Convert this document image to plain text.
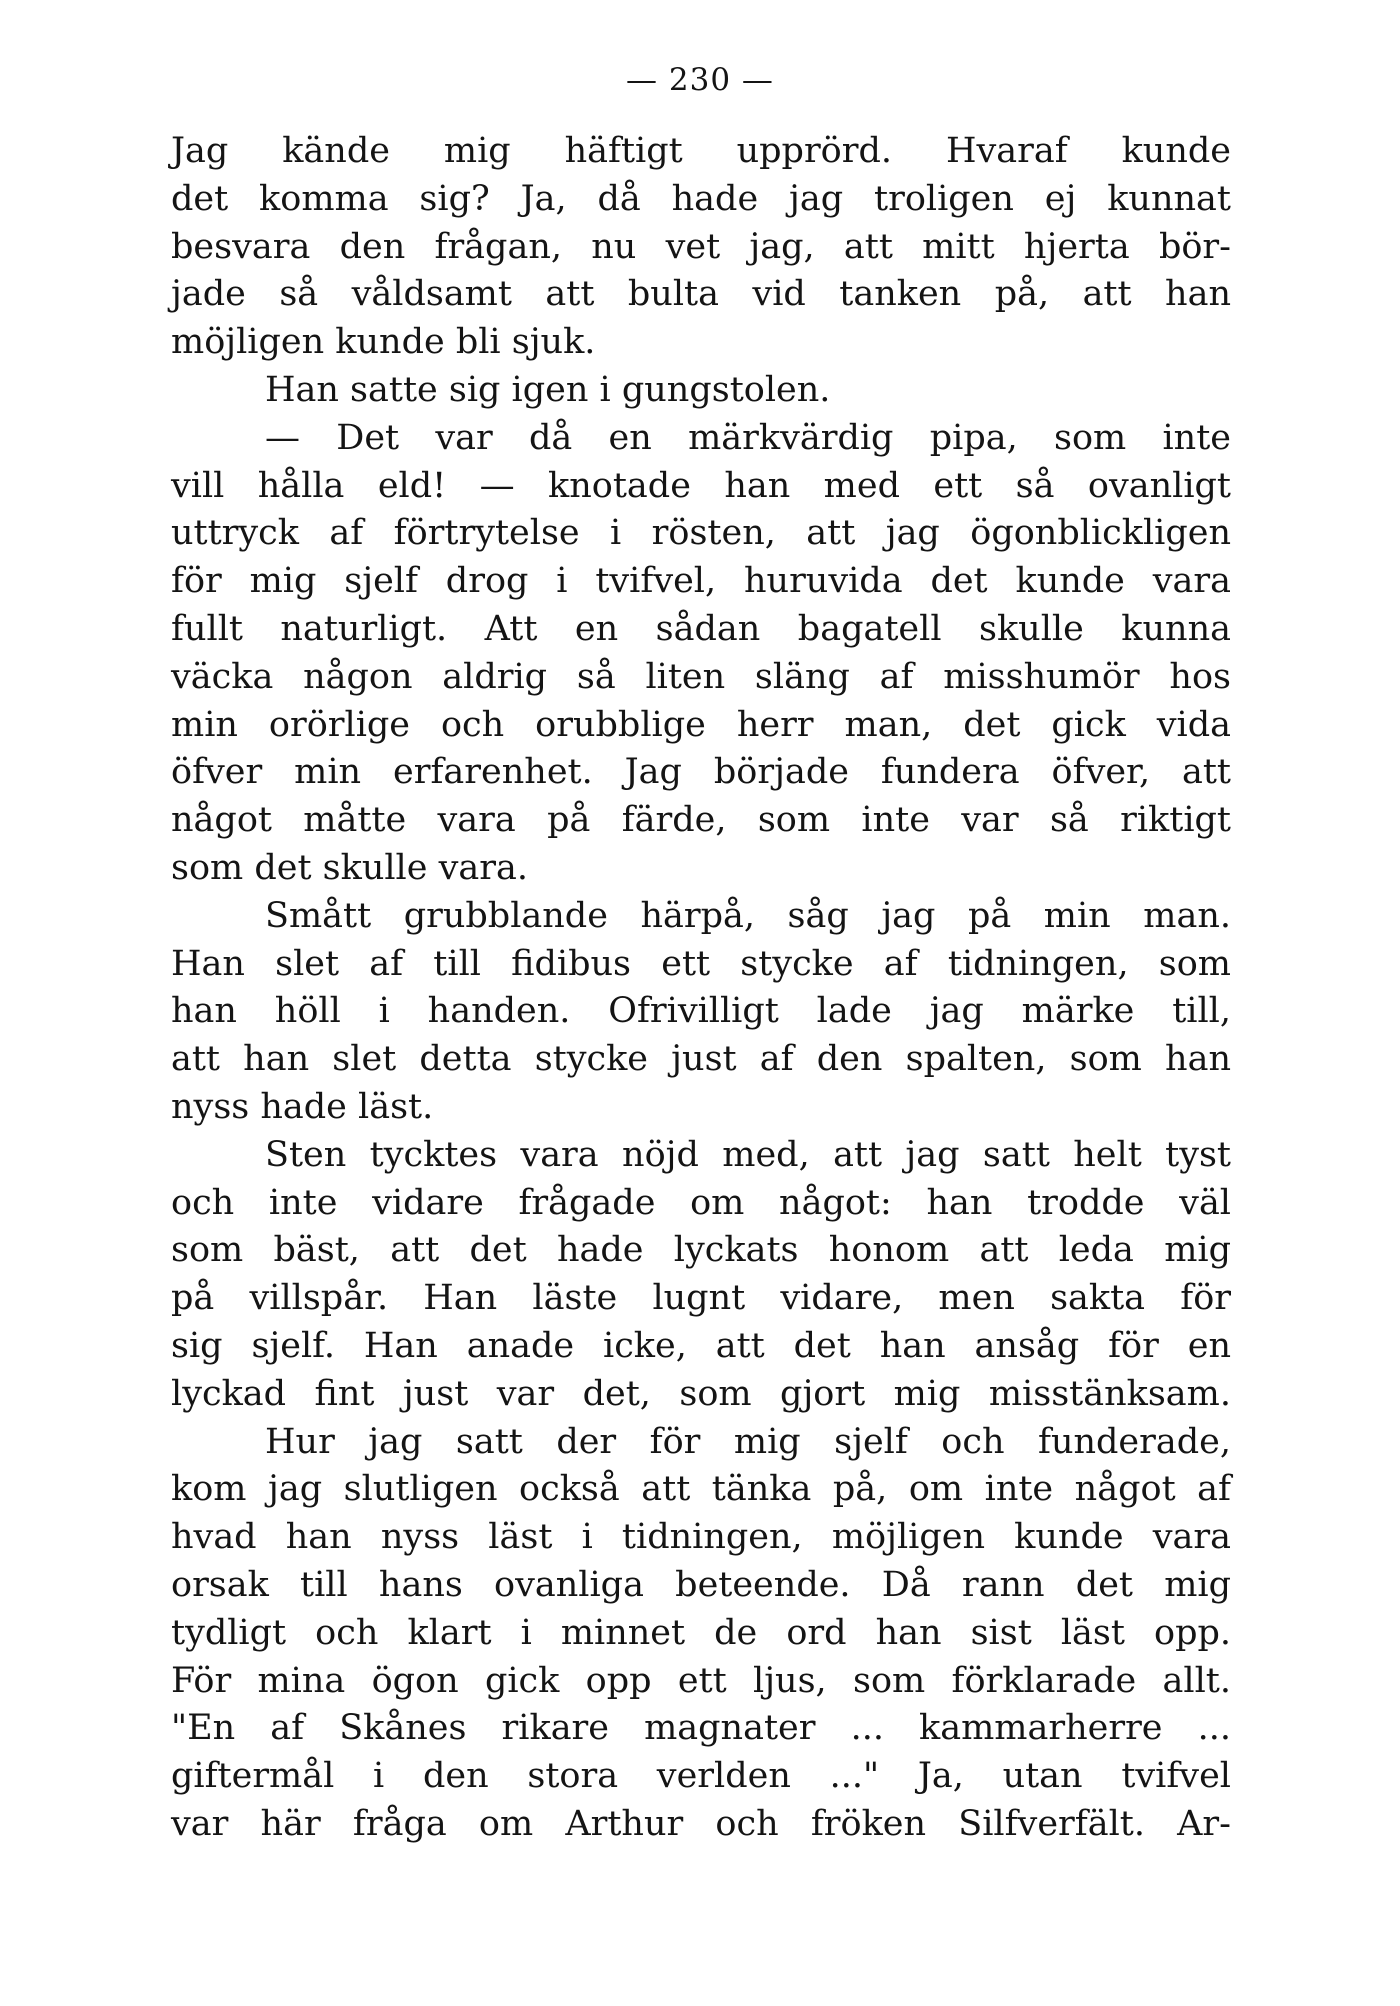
— 230 —
Jag kände mig häftigt upprörd. Hvaraf kunde
det komma sig? Ja, då hade jag troligen ej kunnat
besvara den frågan, nu vet jag, att mitt hjerta bör-
jade så våldsamt att bulta vid tanken på, att han
möjligen kunde bli sjuk.
Han satte sig igen i gungstolen.
— Det var då en märkvärdig pipa, som inte
vill hålla eld! — knotade han med ett så ovanligt
uttryck af förtrytelse i rösten, att jag ögonblickligen
för mig sjelf drog i tvifvel, huruvida det kunde vara
fullt naturligt. Att en sådan bagatell skulle kunna
väcka någon aldrig så liten släng af misshumör hos
min orörlige och orubblige herr man, det gick vida
öfver min erfarenhet. Jag började fundera öfver, att
något måtte vara på färde, som inte var så riktigt
som det skulle vara.
Smått grubblande härpå, såg jag på min man.
Han slet af till fidibus ett stycke af tidningen, som
han höll i handen. Ofrivilligt lade jag märke till,
att han slet detta stycke just af den spalten, som han
nyss hade läst.
Sten tycktes vara nöjd med, att jag satt helt tyst
och inte vidare frågade om något: han trodde väl
som bäst, att det hade lyckats honom att leda mig
på villspår. Han läste lugnt vidare, men sakta för
sig sjelf. Han anade icke, att det han ansåg för en
lyckad fint just var det, som gjort mig misstänksam.
Hur jag satt der för mig sjelf och funderade,
kom jag slutligen också att tänka på, om inte något af
hvad han nyss läst i tidningen, möjligen kunde vara
orsak till hans ovanliga beteende. Då rann det mig
tydligt och klart i minnet de ord han sist läst opp.
För mina ögon gick opp ett ljus, som förklarade allt.
"En af Skånes rikare magnater ... kammarherre ...
giftermål i den stora verlden ..." Ja, utan tvifvel
var här fråga om Arthur och fröken Silfverfält. Ar-
